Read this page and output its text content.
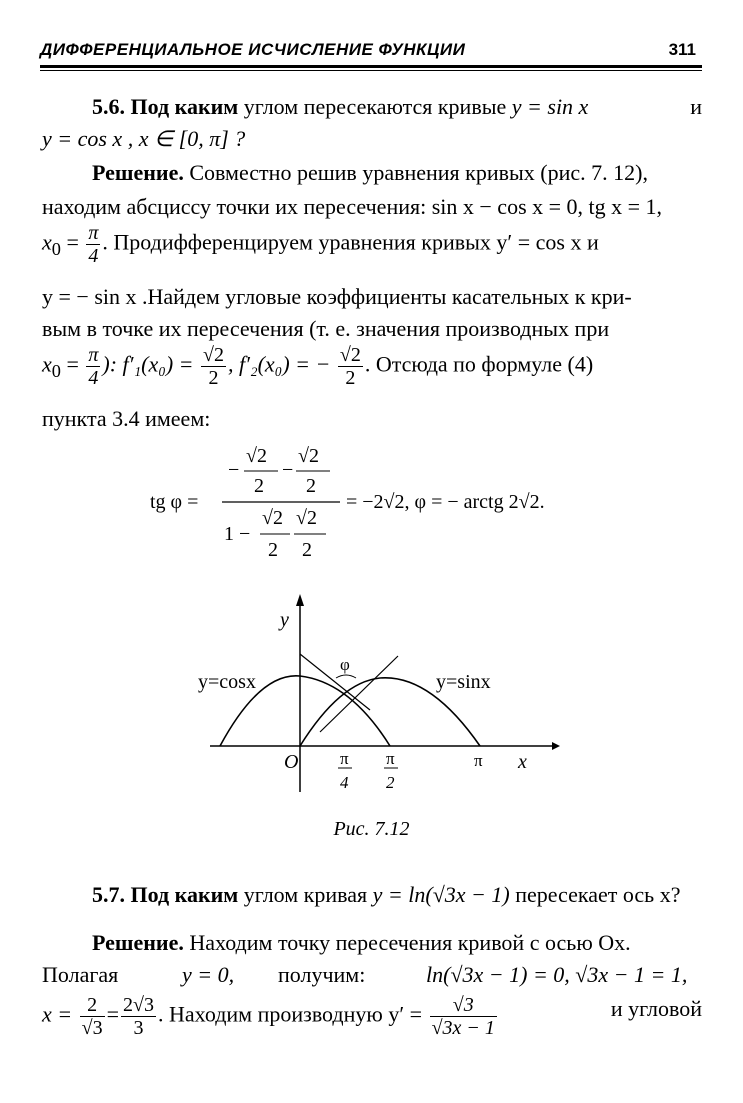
ДИФФЕРЕНЦИАЛЬНОЕ ИСЧИСЛЕНИЕ ФУНКЦИИ	311
5.6. Под каким углом пересекаются кривые y = sin x	и
y = cos x , x ∈ [0, π] ?
Решение. Совместно решив уравнения кривых (рис. 7. 12),
находим абсциссу точки их пересечения: sin x − cos x = 0, tg x = 1,
$x_0 = \frac{\pi}{4}$ . Продифференцируем уравнения кривых y′ = cos x и
y = − sin x .Найдем угловые коэффициенты касательных к кри-
вым в точке их пересечения (т. е. значения производных при
$x_0 = \frac{\pi}{4}$ ): $f'_1(x_0) = \frac{√2}{2}$ , f′₂(x₀) = − $\frac{√2}{2}$ . Отсюда по формуле (4)
пункта 3.4 имеем:
tg φ =
−
√2
2
−
√2
2
1 −
√2
2
√2
2
= −2√2, φ = − arctg 2√2.
y
x
O
y=cosx	y=sinx
φ
π
4
π
2
π
Рис. 7.12
5.7. Под каким углом кривая y = ln(√3x − 1) пересекает ось x?
Решение. Находим точку пересечения кривой с осью Ox.
Полагая	y = 0, получим:	ln(√3x − 1) = 0, √3x − 1 = 1,
$x = \frac{2}{√3} = \frac{2√3}{3}$ . Находим производную $y' = \frac{√3}{√3x - 1}$	и угловой
